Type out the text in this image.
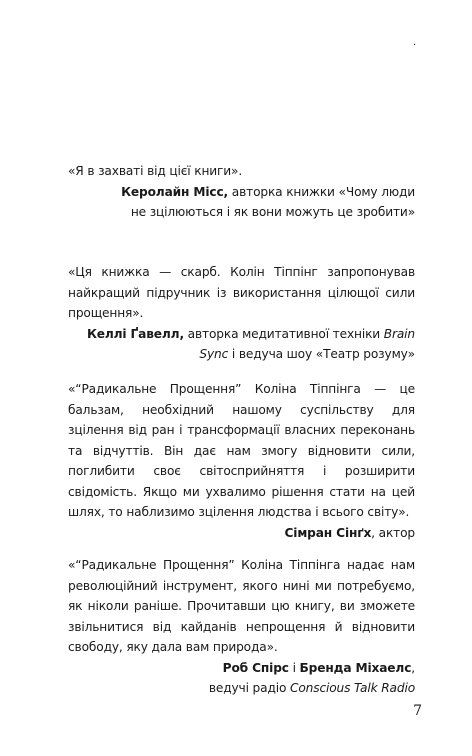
.

«Я в захваті від цієї книги».

Керолайн Місс, авторка книжки «Чому люди
не зцілюються і як вони можуть це зробити»

«Ця книжка — скарб. Колін Тіппінг запропонував найкращий підручник із використання цілющої сили прощення».

Келлі Ґавелл, авторка медитативної техніки Brain
Sync і ведуча шоу «Театр розуму»

«“Радикальне Прощення” Коліна Тіппінга — це бальзам, необхідний нашому суспільству для зцілення від ран і трансформації власних переконань та відчуттів. Він дає нам змогу відновити сили, поглибити своє світосприйняття і розширити свідомість. Якщо ми ухвалимо рішення стати на цей шлях, то наблизимо зцілення людства і всього світу».

Сімран Сінґх, актор

«“Радикальне Прощення” Коліна Тіппінга надає нам революційний інструмент, якого нині ми потребуємо, як ніколи раніше. Прочитавши цю книгу, ви зможете звільнитися від кайданів непрощення й відновити свободу, яку дала вам природа».

Роб Спірс і Бренда Міхаелс,
ведучі радіо Conscious Talk Radio

7
